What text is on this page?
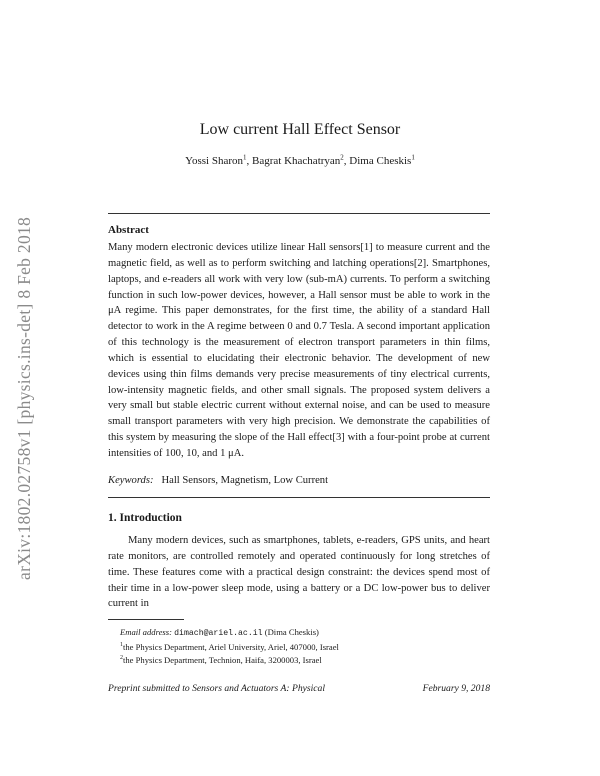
arXiv:1802.02758v1 [physics.ins-det] 8 Feb 2018
Low current Hall Effect Sensor
Yossi Sharon$^1$, Bagrat Khachatryan$^2$, Dima Cheskis$^1$
Abstract
Many modern electronic devices utilize linear Hall sensors[1] to measure current and the magnetic field, as well as to perform switching and latching operations[2]. Smartphones, laptops, and e-readers all work with very low (sub-mA) currents. To perform a switching function in such low-power devices, however, a Hall sensor must be able to work in the μA regime. This paper demonstrates, for the first time, the ability of a standard Hall detector to work in the A regime between 0 and 0.7 Tesla. A second important application of this technology is the measurement of electron transport parameters in thin films, which is essential to elucidating their electronic behavior. The development of new devices using thin films demands very precise measurements of tiny electrical currents, low-intensity magnetic fields, and other small signals. The proposed system delivers a very small but stable electric current without external noise, and can be used to measure small transport parameters with very high precision. We demonstrate the capabilities of this system by measuring the slope of the Hall effect[3] with a four-point probe at current intensities of 100, 10, and 1 μA.
Keywords: Hall Sensors, Magnetism, Low Current
1. Introduction
Many modern devices, such as smartphones, tablets, e-readers, GPS units, and heart rate monitors, are controlled remotely and operated continuously for long stretches of time. These features come with a practical design constraint: the devices spend most of their time in a low-power sleep mode, using a battery or a DC low-power bus to deliver current in
Email address: dimach@ariel.ac.il (Dima Cheskis)
$^1$the Physics Department, Ariel University, Ariel, 407000, Israel
$^2$the Physics Department, Technion, Haifa, 3200003, Israel
Preprint submitted to Sensors and Actuators A: Physical	February 9, 2018
